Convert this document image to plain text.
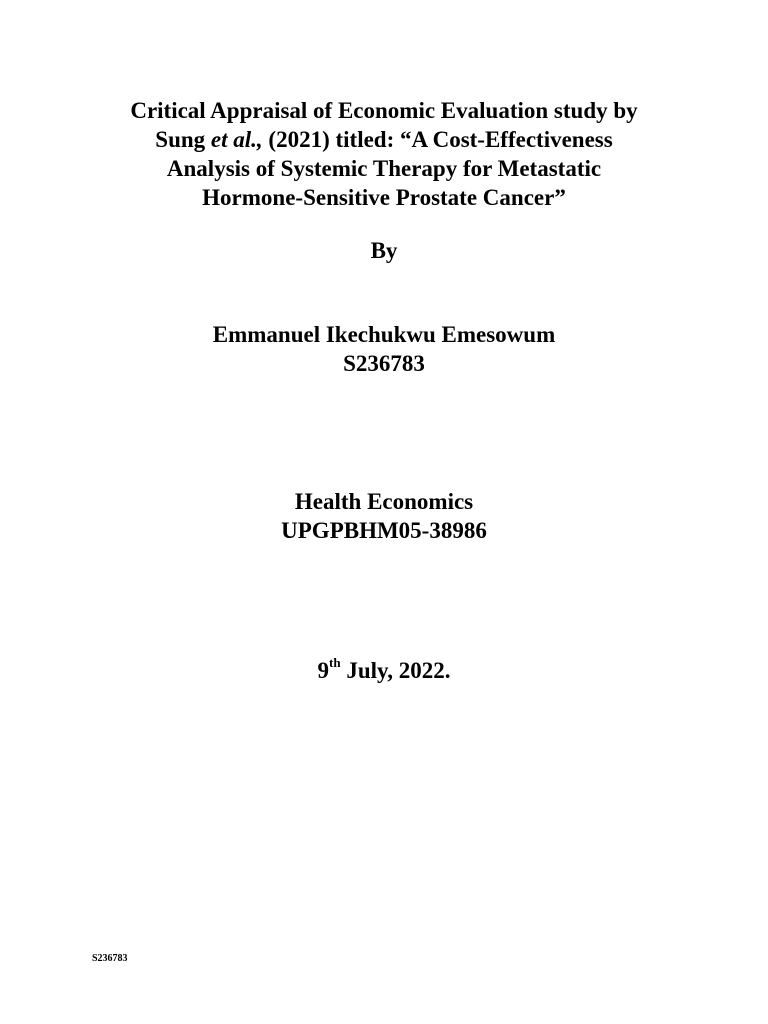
Critical Appraisal of Economic Evaluation study by
Sung et al., (2021) titled: “A Cost-Effectiveness
Analysis of Systemic Therapy for Metastatic
Hormone-Sensitive Prostate Cancer”
By
Emmanuel Ikechukwu Emesowum
S236783
Health Economics
UPGPBHM05-38986
9th July, 2022.
S236783
